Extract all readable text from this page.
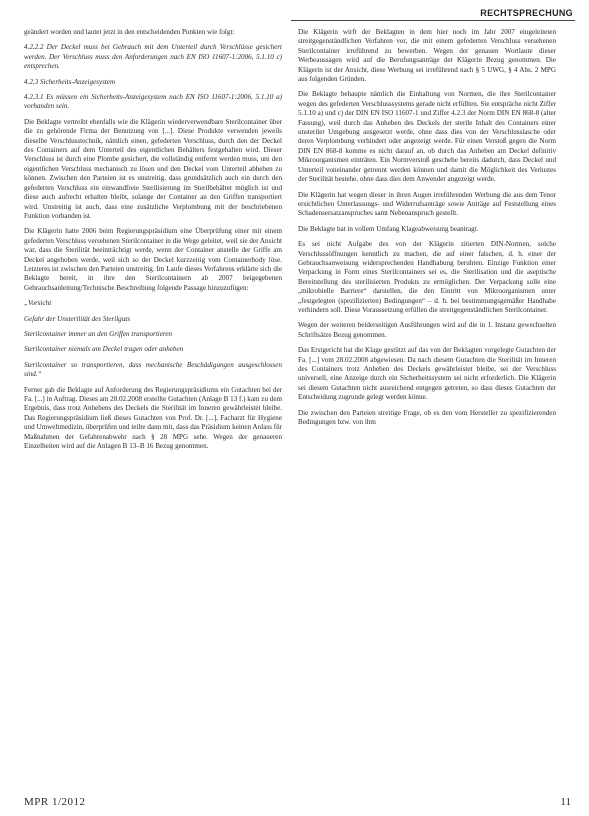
RECHTSPRECHUNG

geändert worden und lautet jetzt in den entscheidenden Punkten wie folgt:

4.2.2.2 Der Deckel muss bei Gebrauch mit dem Unterteil durch Verschlüsse gesichert werden. Der Verschluss muss den Anforderungen nach EN ISO 11607-1:2006, 5.1.10 c) entsprechen.

4.2.3 Sicherheits-Anzeigesystem

4.2.3.1 Es müssen ein Sicherheits-Anzeigesystem nach EN ISO 11607-1:2006, 5.1.10 a) vorhanden sein.

Die Beklagte vertreibt ebenfalls wie die Klägerin wiederverwendbare Sterilcontainer über die zu gehörende Firma der Benutzung von [...]. Diese Produkte verwenden jeweils dieselbe Verschlusstechnik, nämlich einen, gefederten Verschluss, durch den der Deckel des Containers auf dem Unterteil des eigentlichen Behälters festgehalten wird. Dieser Verschluss ist durch eine Plombe gesichert, die vollständig entfernt werden muss, um den eigentlichen Verschluss mechanisch zu lösen und den Deckel vom Unterteil abheben zu können. Zwischen den Parteien ist es unstreitig, dass grundsätzlich auch ein durch den gefederten Verschluss ein einwandfreie Sterilisierung im Sterilbehälter möglich ist und diese auch aufrecht erhalten bleibt, solange der Container an den Griffen transportiert wird. Unstreitig ist auch, dass eine zusätzliche Verplombung mit der beschriebenen Funktion vorhanden ist.

Die Klägerin hatte 2006 beim Regierungspräsidium eine Überprüfung einer mit einem gefederten Verschluss versehenen Sterilcontainer in die Wege geleitet, weil sie der Ansicht war, dass die Sterilität beeinträchtigt werde, wenn der Container anstelle der Griffe am Deckel angehoben werde, weil sich so der Deckel kurzzeitig vom Containerbody löse. Letzteres ist zwischen den Parteien unstreitig. Im Laufe dieses Verfahrens erklärte sich die Beklagte bereit, in ihre den Sterilcontainern ab 2007 beigegebenen Gebrauchsanleitung/Technische Beschreibung folgende Passage hinzuzufügen:

„Vorsicht

Gefahr der Unsterilität des Sterilguts

Sterilcontainer immer an den Griffen transportieren

Sterilcontainer niemals am Deckel tragen oder anheben

Sterilcontainer so transportieren, dass mechanische Beschädigungen ausgeschlossen sind.“

Ferner gab die Beklagte auf Anforderung des Regierungspräsidiums ein Gutachten bei der Fa. [...] in Auftrag. Dieses am 28.02.2008 erstellte Gutachten (Anlage B 13 f.) kam zu dem Ergebnis, dass trotz Anhebens des Deckels die Sterilität im Inneren gewährleistet bleibe. Das Regierungspräsidium ließ dieses Gutachten von Prof. Dr. [...], Facharzt für Hygiene und Umweltmedizin, überprüfen und teilte dann mit, dass das Präsidium keinen Anlass für Maßnahmen der Gefahrenabwehr nach § 28 MPG sehe. Wegen der genaueren Einzelheiten wird auf die Anlagen B 13–B 16 Bezug genommen.

Die Klägerin wirft der Beklagten in dem hier noch im Jahr 2007 eingeleiteten streitgegenständlichen Verfahren vor, die mit einem gefederten Verschluss versehenen Sterilcontainer irreführend zu bewerben. Wegen der genauen Wortlaute dieser Werbeaussagen wird auf die Berufungsanträge der Klägerin Bezug genommen. Die Klägerin ist der Ansicht, diese Werbung sei irreführend nach § 5 UWG, § 4 Abs. 2 MPG aus folgenden Gründen.

Die Beklagte behaupte nämlich die Einhaltung von Normen, die ihre Sterilcontainer wegen des gefederten Verschlusssystems gerade nicht erfüllten. Sie entspräche nicht Ziffer 5.1.10 a) und c) der DIN EN ISO 11607-1 und Ziffer 4.2.3 der Norm DIN EN 868-8 (alter Fassung), weil durch das Anheben des Deckels der sterile Inhalt des Containers einer unsteriler Umgebung ausgesetzt werde, ohne dass dies von der Verschlusslasche oder deren Verplombung verhindert oder angezeigt werde. Für einen Verstoß gegen die Norm DIN EN 868-8 komme es nicht darauf an, ob durch das Anheben am Deckel definitiv Mikroorganismen einträten. Ein Normverstoß geschehe bereits dadurch, dass Deckel und Unterteil voneinander getrennt werden können und damit die Möglichkeit des Verlustes der Sterilität bestehe, ohne dass dies dem Anwender angezeigt werde.

Die Klägerin hat wegen dieser in ihren Augen irreführenden Werbung die aus dem Tenor ersichtlichen Unterlassungs- und Widerrufsanträge sowie Anträge auf Feststellung eines Schadensersatzanspruches samt Nebenanspruch gestellt.

Die Beklagte hat in vollem Umfang Klageabweisung beantragt.

Es sei nicht Aufgabe des von der Klägerin zitierten DIN-Normen, solche Verschlussöffnungen kenntlich zu machen, die auf einer falschen, d. h. einer der Gebrauchsanweisung widersprechenden Handhabung beruhten. Einzige Funktion einer Verpackung in Form eines Sterilcontainers sei es, die Sterilisation und die aseptische Bereitstellung des sterilisierten Produkts zu ermöglichen. Der Verpackung solle eine „mikrobielle Barriere“ darstellen, die den Eintritt von Mikroorganismen unter „festgelegten (spezifizierten) Bedingungen“ – d. h. bei bestimmungsgemäßer Handhabe verhindern soll. Diese Voraussetzung erfüllen die streitgegenständlichen Sterilcontainer.

Wegen der weiteren beiderseitigen Ausführungen wird auf die in 1. Instanz gewechselten Schriftsätze Bezug genommen.

Das Erstgericht hat die Klage gestützt auf das von der Beklagten vorgelegte Gutachten der Fa. [...] vom 28.02.2008 abgewiesen. Da nach diesem Gutachten die Sterilität im Inneren des Containers trotz Anheben des Deckels gewährleistet bleibe, sei der Verschluss universell, eine Anzeige durch ein Sicherheitssystem sei nicht erforderlich. Die Klägerin sei diesem Gutachten nicht ausreichend entgegen getreten, so dass dieses Gutachten der Entscheidung zugrunde gelegt werden könne.

Die zwischen den Parteien streitige Frage, ob es den vom Hersteller zu spezifizierenden Bedingungen bzw. von ihm

MPR 1/2012	11
